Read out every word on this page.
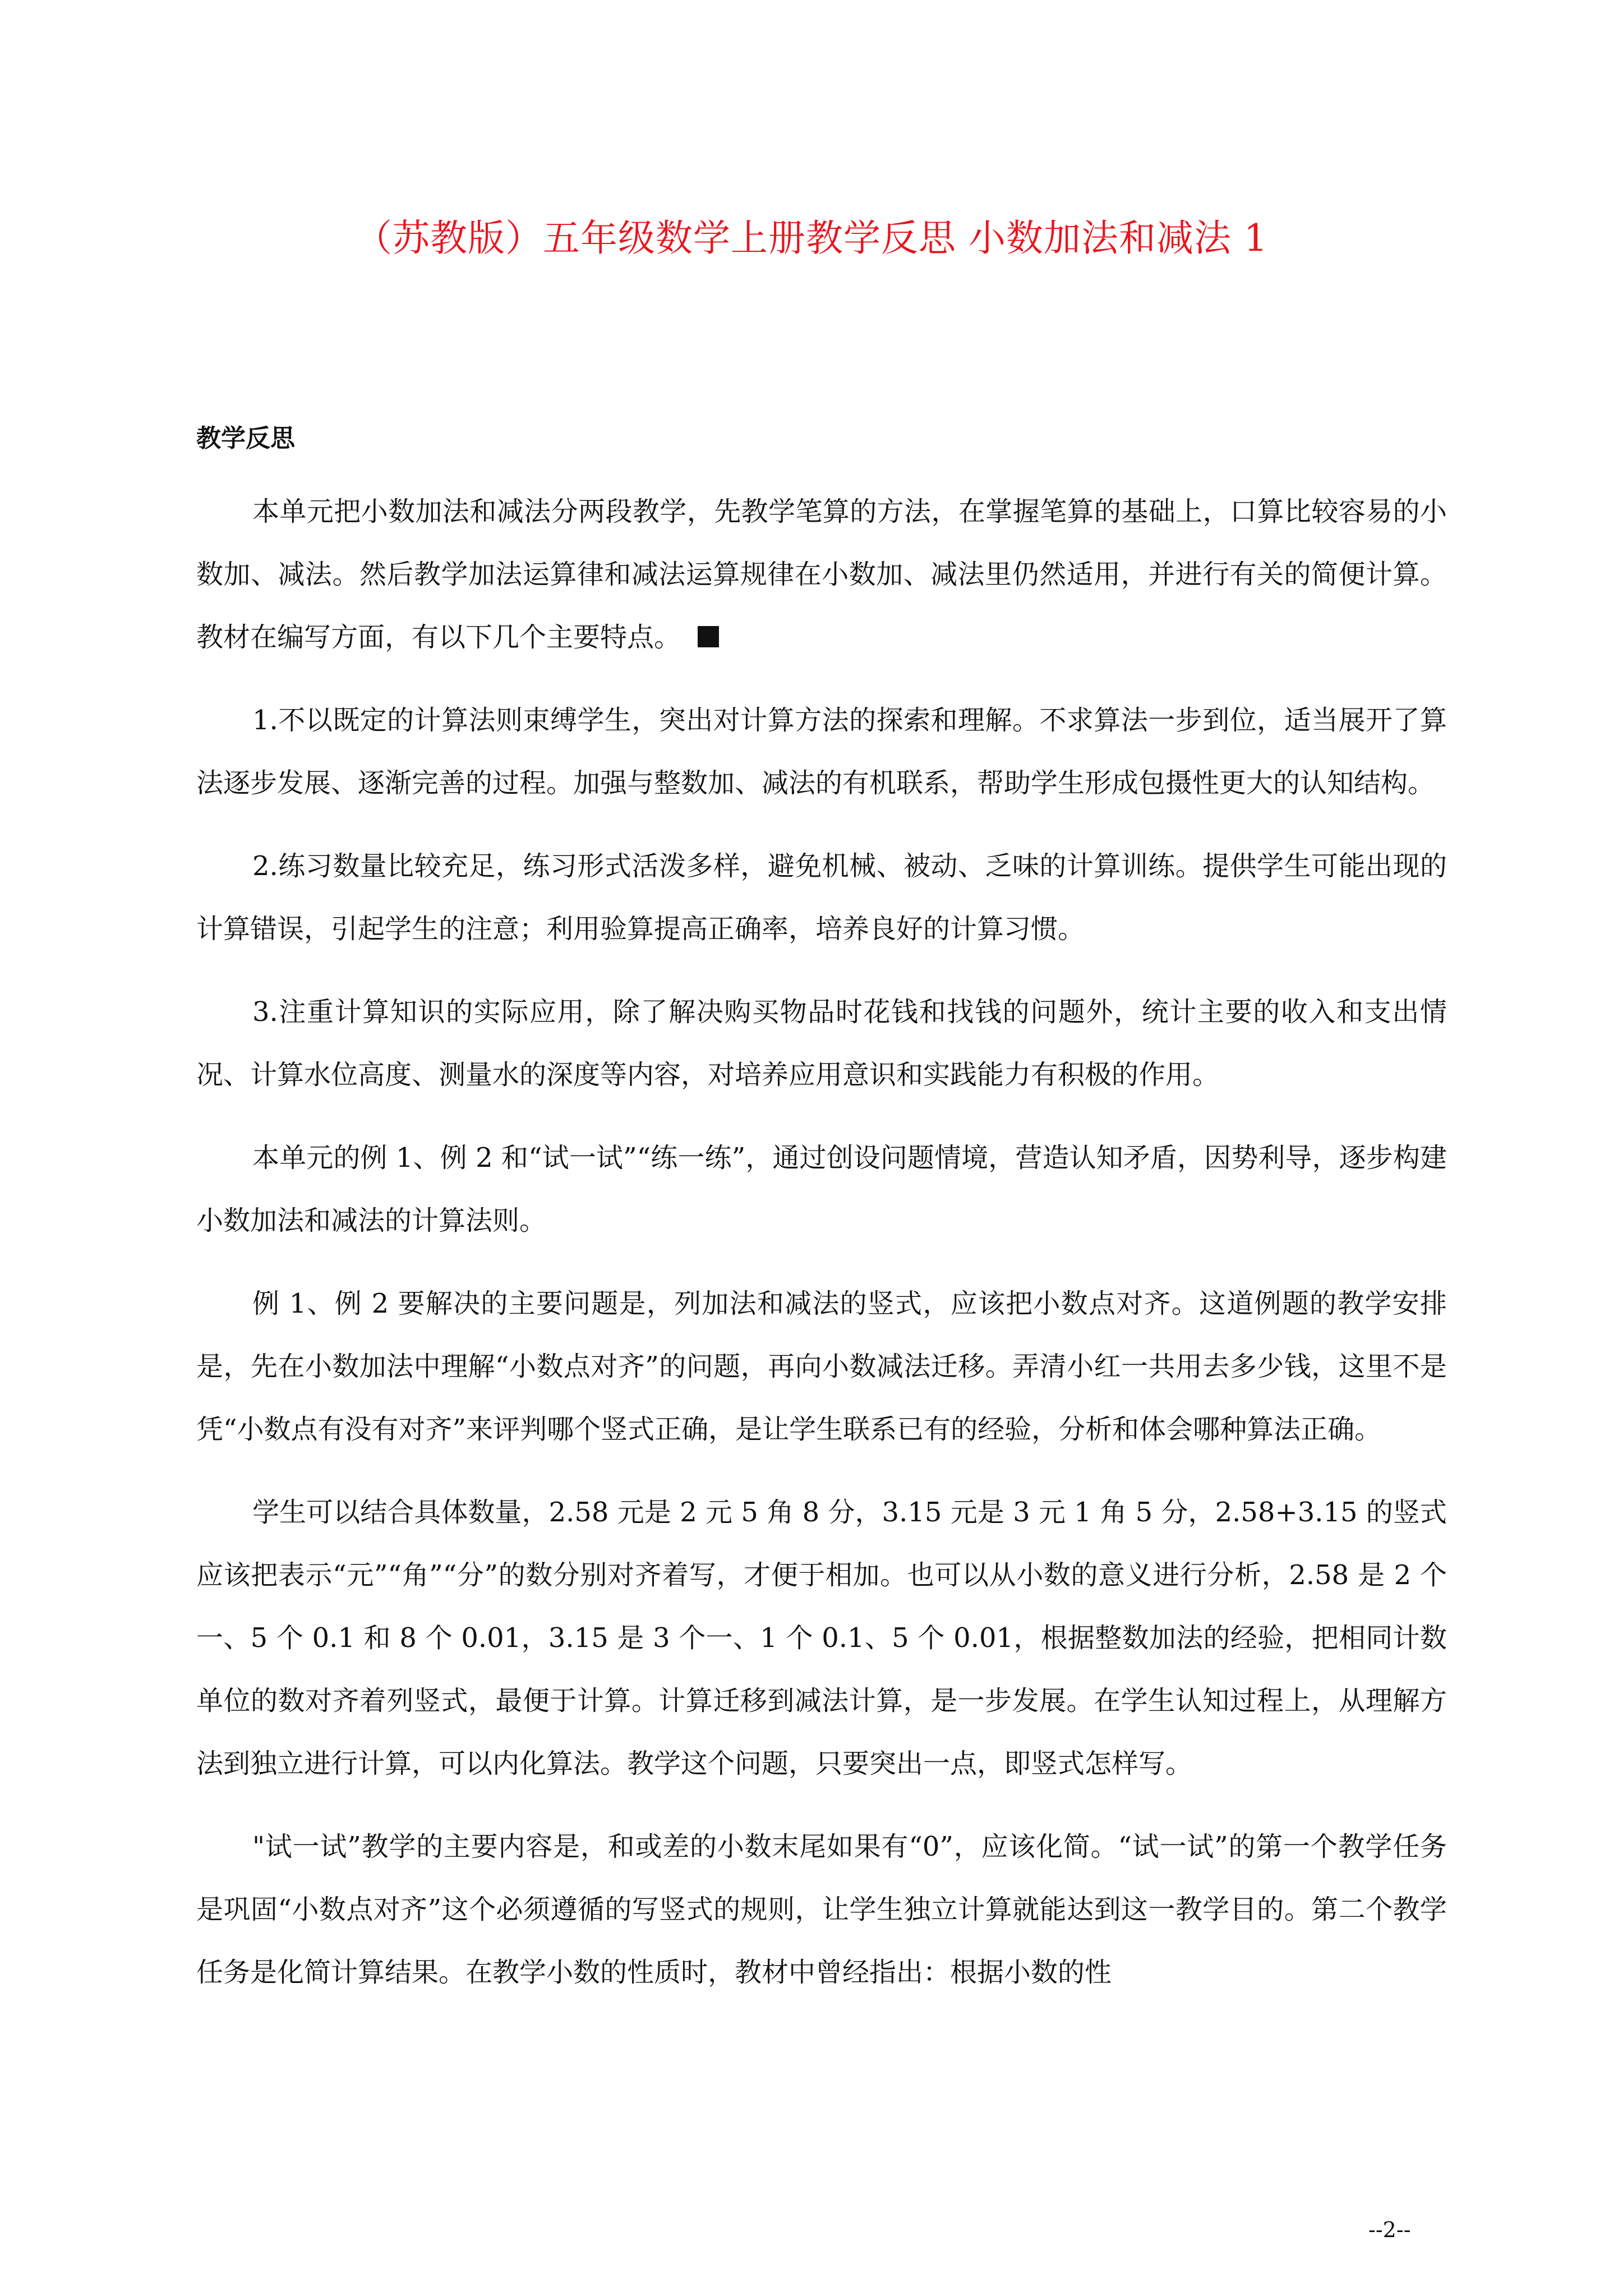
（苏教版）五年级数学上册教学反思 小数加法和减法 1
教学反思

本单元把小数加法和减法分两段教学，先教学笔算的方法，在掌握笔算的基础上，口算比较容易的小数加、减法。然后教学加法运算律和减法运算规律在小数加、减法里仍然适用，并进行有关的简便计算。教材在编写方面，有以下几个主要特点。

1.不以既定的计算法则束缚学生，突出对计算方法的探索和理解。不求算法一步到位，适当展开了算法逐步发展、逐渐完善的过程。加强与整数加、减法的有机联系，帮助学生形成包摄性更大的认知结构。

2.练习数量比较充足，练习形式活泼多样，避免机械、被动、乏味的计算训练。提供学生可能出现的计算错误，引起学生的注意；利用验算提高正确率，培养良好的计算习惯。

3.注重计算知识的实际应用，除了解决购买物品时花钱和找钱的问题外，统计主要的收入和支出情况、计算水位高度、测量水的深度等内容，对培养应用意识和实践能力有积极的作用。

本单元的例 1、例 2 和“试一试”“练一练”，通过创设问题情境，营造认知矛盾，因势利导，逐步构建小数加法和减法的计算法则。

例 1、例 2 要解决的主要问题是，列加法和减法的竖式，应该把小数点对齐。这道例题的教学安排是，先在小数加法中理解“小数点对齐”的问题，再向小数减法迁移。弄清小红一共用去多少钱，这里不是凭“小数点有没有对齐”来评判哪个竖式正确，是让学生联系已有的经验，分析和体会哪种算法正确。

学生可以结合具体数量，2.58 元是 2 元 5 角 8 分，3.15 元是 3 元 1 角 5 分，2.58+3.15 的竖式应该把表示“元”“角”“分”的数分别对齐着写，才便于相加。也可以从小数的意义进行分析，2.58 是 2 个一、5 个 0.1 和 8 个 0.01，3.15 是 3 个一、1 个 0.1、5 个 0.01，根据整数加法的经验，把相同计数单位的数对齐着列竖式，最便于计算。计算迁移到减法计算，是一步发展。在学生认知过程上，从理解方法到独立进行计算，可以内化算法。教学这个问题，只要突出一点，即竖式怎样写。

"试一试”教学的主要内容是，和或差的小数末尾如果有“0”，应该化简。“试一试”的第一个教学任务是巩固“小数点对齐”这个必须遵循的写竖式的规则，让学生独立计算就能达到这一教学目的。第二个教学任务是化简计算结果。在教学小数的性质时，教材中曾经指出：根据小数的性

--2--
